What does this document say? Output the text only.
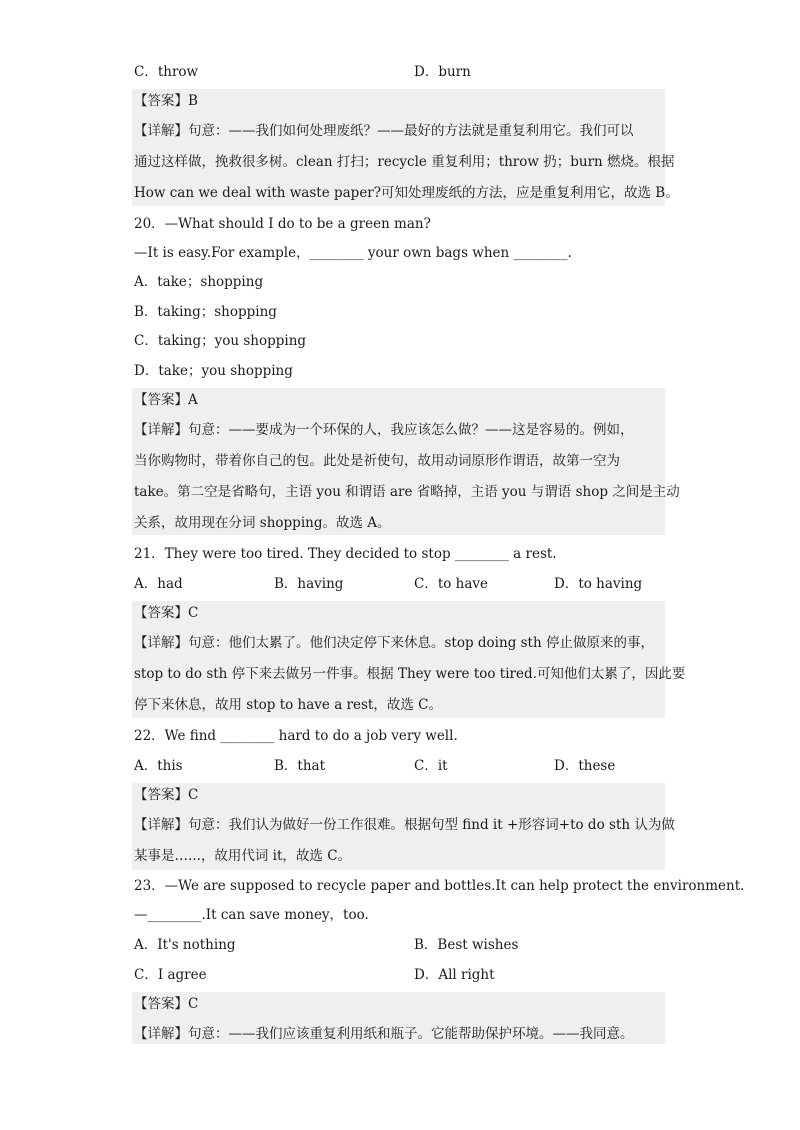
C．throw	D．burn
【答案】B
【详解】句意：——我们如何处理废纸？——最好的方法就是重复利用它。我们可以
通过这样做，挽救很多树。clean 打扫；recycle 重复利用；throw 扔；burn 燃烧。根据
How can we deal with waste paper?可知处理废纸的方法，应是重复利用它，故选 B。
20．—What should I do to be a green man?
—It is easy.For example，________ your own bags when ________.
A．take；shopping
B．taking；shopping
C．taking；you shopping
D．take；you shopping
【答案】A
【详解】句意：——要成为一个环保的人，我应该怎么做？——这是容易的。例如，
当你购物时，带着你自己的包。此处是祈使句，故用动词原形作谓语，故第一空为
take。第二空是省略句，主语 you 和谓语 are 省略掉，主语 you 与谓语 shop 之间是主动
关系，故用现在分词 shopping。故选 A。
21．They were too tired. They decided to stop ________ a rest.
A．had	B．having	C．to have	D．to having
【答案】C
【详解】句意：他们太累了。他们决定停下来休息。stop doing sth 停止做原来的事，
stop to do sth 停下来去做另一件事。根据 They were too tired.可知他们太累了，因此要
停下来休息，故用 stop to have a rest，故选 C。
22．We find ________ hard to do a job very well.
A．this	B．that	C．it	D．these
【答案】C
【详解】句意：我们认为做好一份工作很难。根据句型 find it +形容词+to do sth 认为做
某事是…...，故用代词 it，故选 C。
23．—We are supposed to recycle paper and bottles.It can help protect the environment.
—________.It can save money，too.
A．It's nothing	B．Best wishes
C．I agree	D．All right
【答案】C
【详解】句意：——我们应该重复利用纸和瓶子。它能帮助保护环境。——我同意。
